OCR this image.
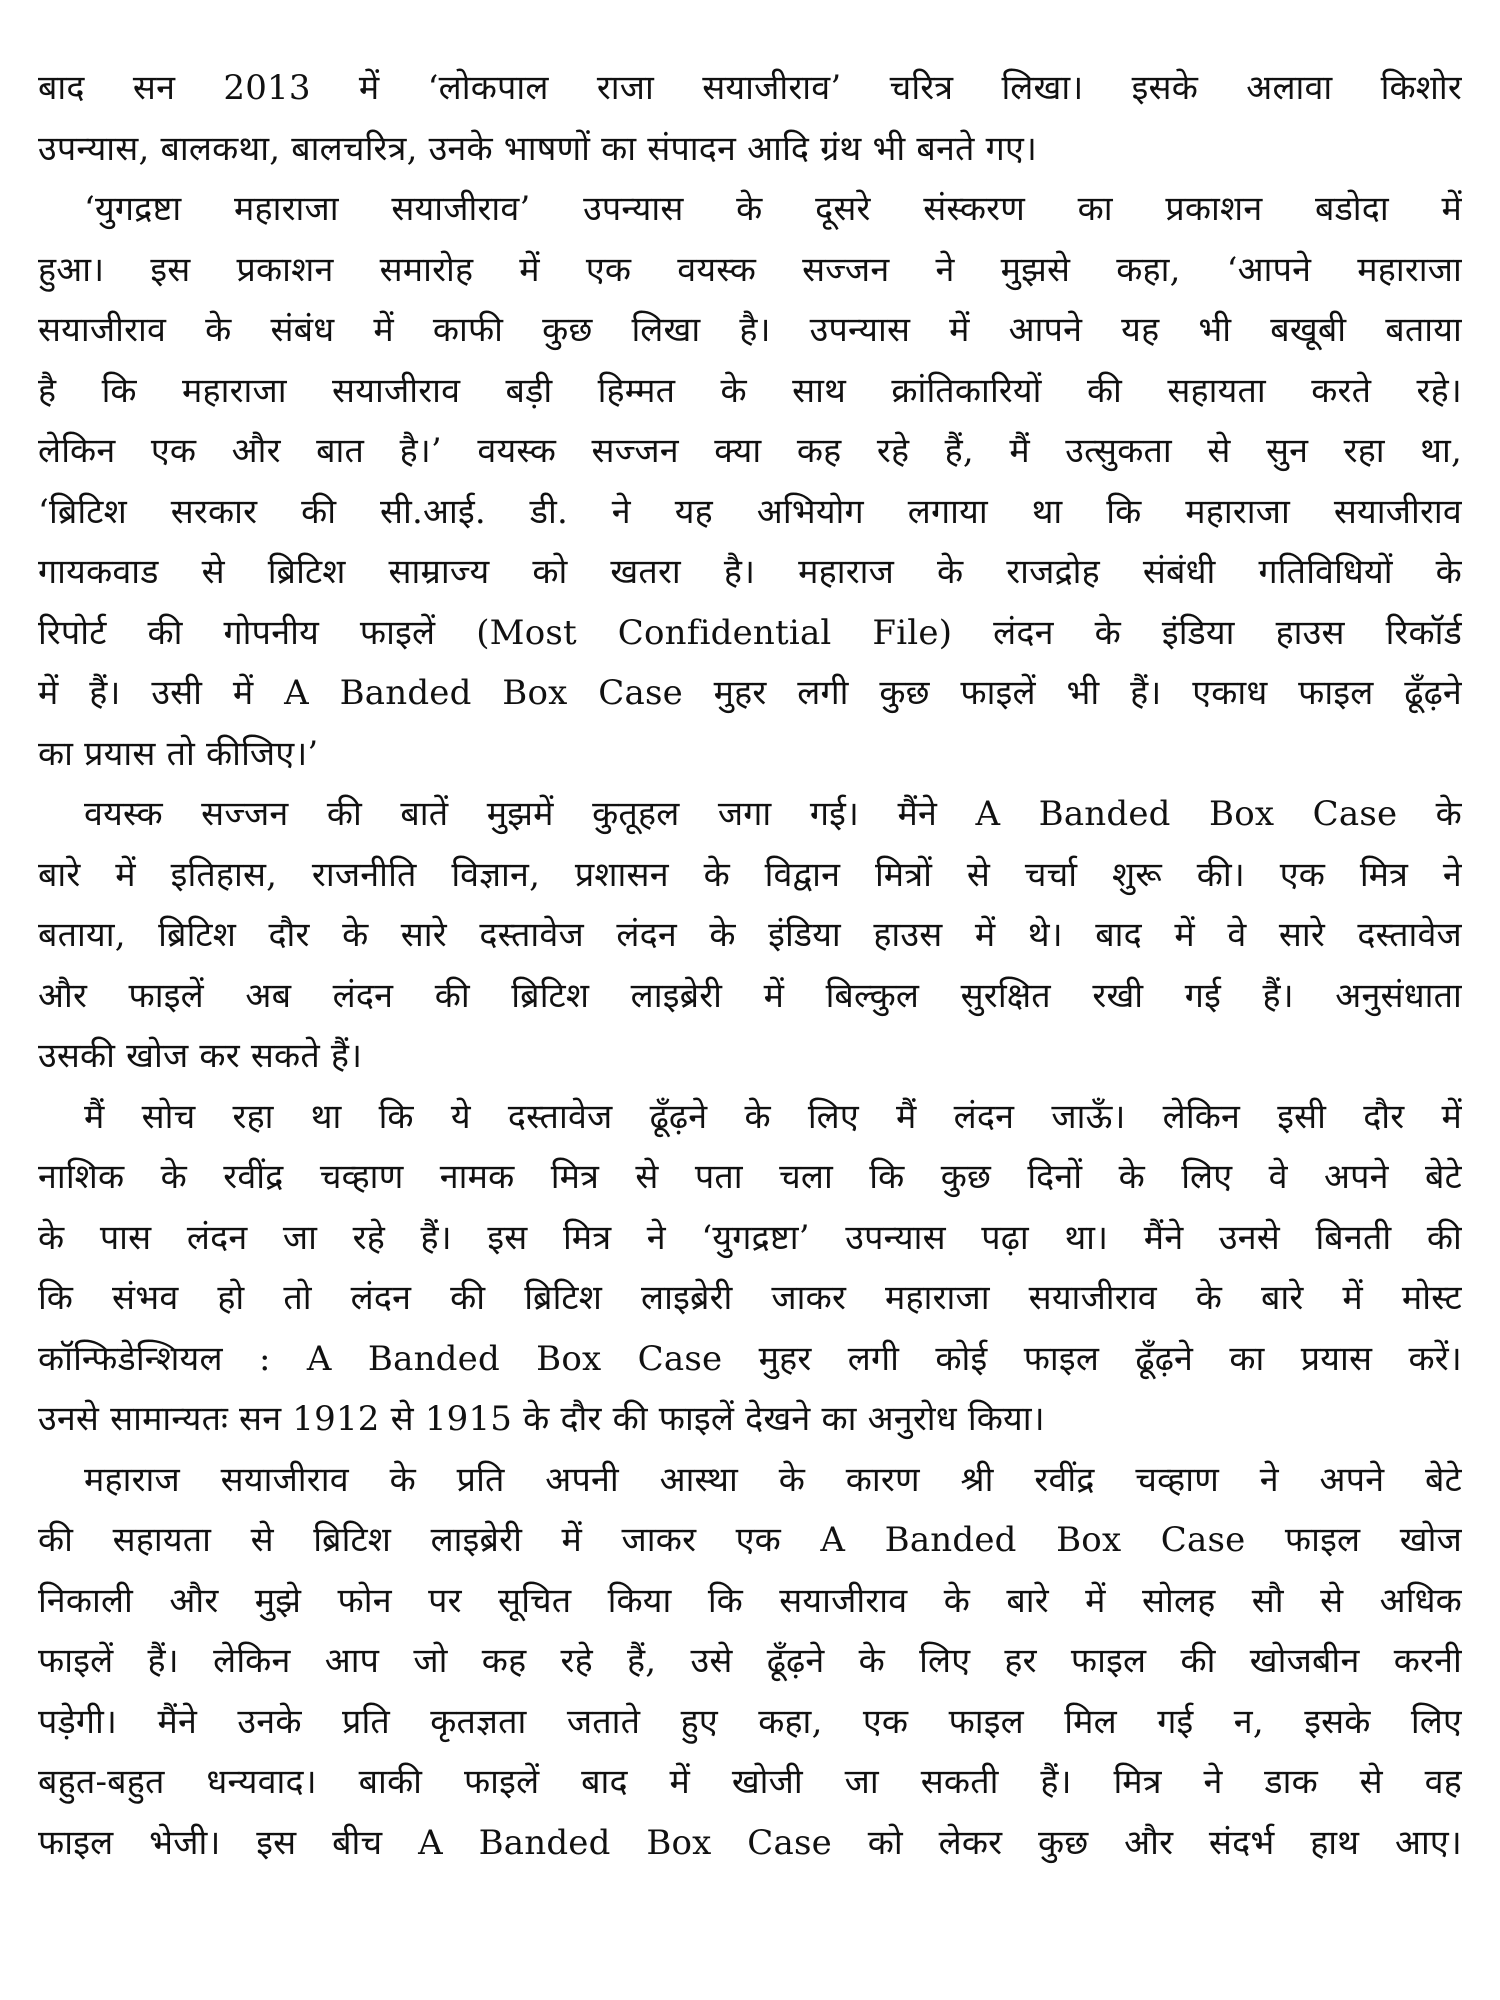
बाद सन 2013 में ‘लोकपाल राजा सयाजीराव’ चरित्र लिखा। इसके अलावा किशोर
उपन्यास, बालकथा, बालचरित्र, उनके भाषणों का संपादन आदि ग्रंथ भी बनते गए।
‘युगद्रष्टा महाराजा सयाजीराव’ उपन्यास के दूसरे संस्करण का प्रकाशन बडोदा में
हुआ। इस प्रकाशन समारोह में एक वयस्क सज्जन ने मुझसे कहा, ‘आपने महाराजा
सयाजीराव के संबंध में काफी कुछ लिखा है। उपन्यास में आपने यह भी बखूबी बताया
है कि महाराजा सयाजीराव बड़ी हिम्मत के साथ क्रांतिकारियों की सहायता करते रहे।
लेकिन एक और बात है।’ वयस्क सज्जन क्या कह रहे हैं, मैं उत्सुकता से सुन रहा था,
‘ब्रिटिश सरकार की सी.आई. डी. ने यह अभियोग लगाया था कि महाराजा सयाजीराव
गायकवाड से ब्रिटिश साम्राज्य को खतरा है। महाराज के राजद्रोह संबंधी गतिविधियों के
रिपोर्ट की गोपनीय फाइलें (Most Confidential File) लंदन के इंडिया हाउस रिकॉर्ड
में हैं। उसी में A Banded Box Case मुहर लगी कुछ फाइलें भी हैं। एकाध फाइल ढूँढ़ने
का प्रयास तो कीजिए।’
वयस्क सज्जन की बातें मुझमें कुतूहल जगा गई। मैंने A Banded Box Case के
बारे में इतिहास, राजनीति विज्ञान, प्रशासन के विद्वान मित्रों से चर्चा शुरू की। एक मित्र ने
बताया, ब्रिटिश दौर के सारे दस्तावेज लंदन के इंडिया हाउस में थे। बाद में वे सारे दस्तावेज
और फाइलें अब लंदन की ब्रिटिश लाइब्रेरी में बिल्कुल सुरक्षित रखी गई हैं। अनुसंधाता
उसकी खोज कर सकते हैं।
मैं सोच रहा था कि ये दस्तावेज ढूँढ़ने के लिए मैं लंदन जाऊँ। लेकिन इसी दौर में
नाशिक के रवींद्र चव्हाण नामक मित्र से पता चला कि कुछ दिनों के लिए वे अपने बेटे
के पास लंदन जा रहे हैं। इस मित्र ने ‘युगद्रष्टा’ उपन्यास पढ़ा था। मैंने उनसे बिनती की
कि संभव हो तो लंदन की ब्रिटिश लाइब्रेरी जाकर महाराजा सयाजीराव के बारे में मोस्ट
कॉन्फिडेन्शियल : A Banded Box Case मुहर लगी कोई फाइल ढूँढ़ने का प्रयास करें।
उनसे सामान्यतः सन 1912 से 1915 के दौर की फाइलें देखने का अनुरोध किया।
महाराज सयाजीराव के प्रति अपनी आस्था के कारण श्री रवींद्र चव्हाण ने अपने बेटे
की सहायता से ब्रिटिश लाइब्रेरी में जाकर एक A Banded Box Case फाइल खोज
निकाली और मुझे फोन पर सूचित किया कि सयाजीराव के बारे में सोलह सौ से अधिक
फाइलें हैं। लेकिन आप जो कह रहे हैं, उसे ढूँढ़ने के लिए हर फाइल की खोजबीन करनी
पड़ेगी। मैंने उनके प्रति कृतज्ञता जताते हुए कहा, एक फाइल मिल गई न, इसके लिए
बहुत-बहुत धन्यवाद। बाकी फाइलें बाद में खोजी जा सकती हैं। मित्र ने डाक से वह
फाइल भेजी। इस बीच A Banded Box Case को लेकर कुछ और संदर्भ हाथ आए।
